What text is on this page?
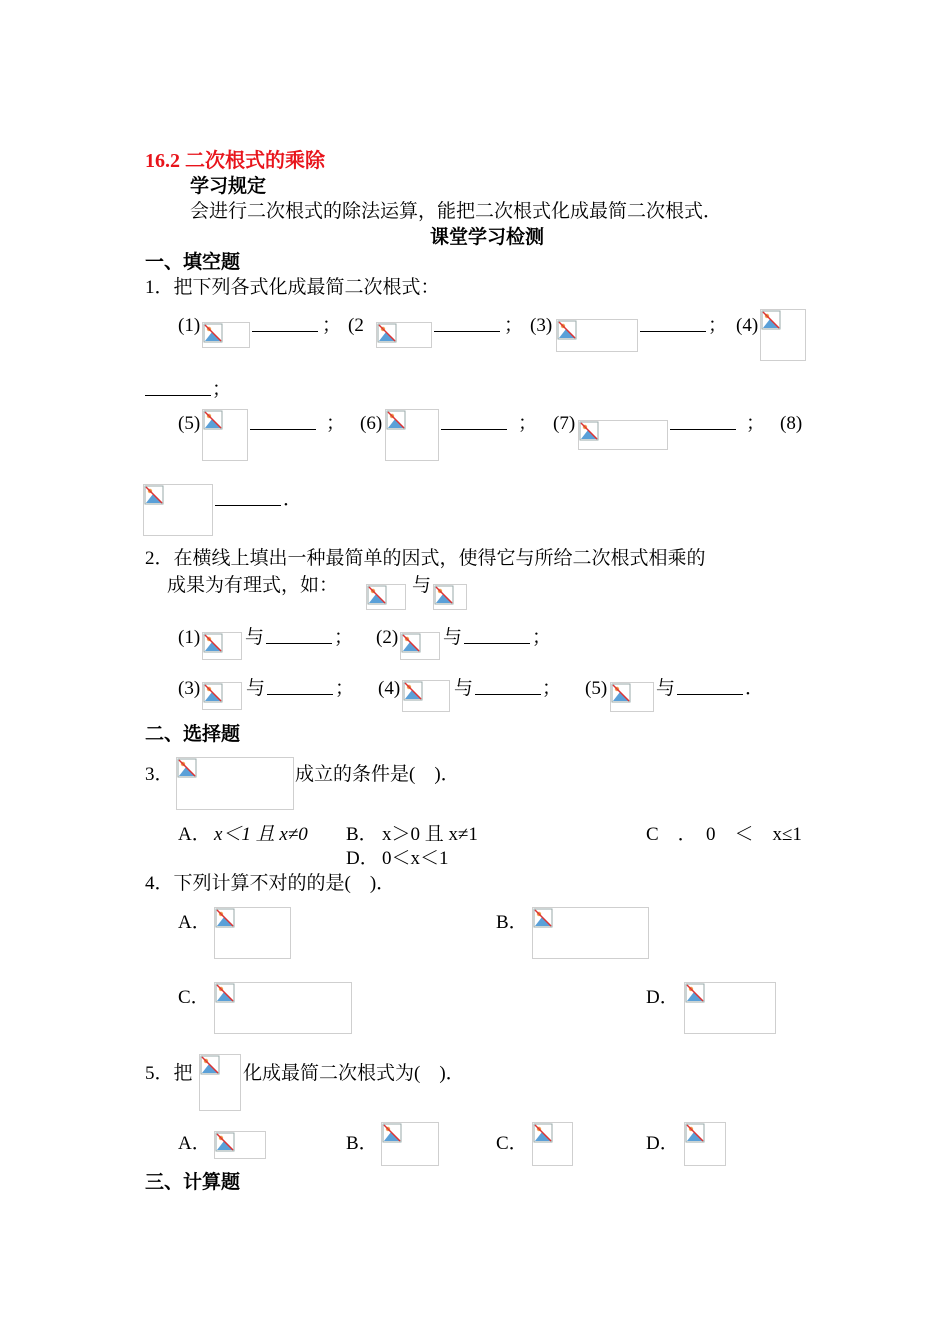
16.2 二次根式的乘除
学习规定
会进行二次根式的除法运算，能把二次根式化成最简二次根式．
课堂学习检测
一、填空题
1．把下列各式化成最简二次根式：
(1)	； (2	； (3)	； (4)
；
(5)	； (6)	； (7)	； (8)
．
2．在横线上填出一种最简单的因式，使得它与所给二次根式相乘的
成果为有理式，如：	与
(1) 与	； (2) 与	；
(3) 与	； (4)	与	； (5)	与	．
二、选择题
3．	成立的条件是(　)．
A． x＜1 且 x≠0 B． x＞0 且 x≠1	C　． 0　＜　x≤1
D． 0＜x＜1
4．下列计算不对的的是(　)．
A．	B．
C．	D．
5．把	化成最简二次根式为(　)．
A．	B．	C．	D．
三、计算题
